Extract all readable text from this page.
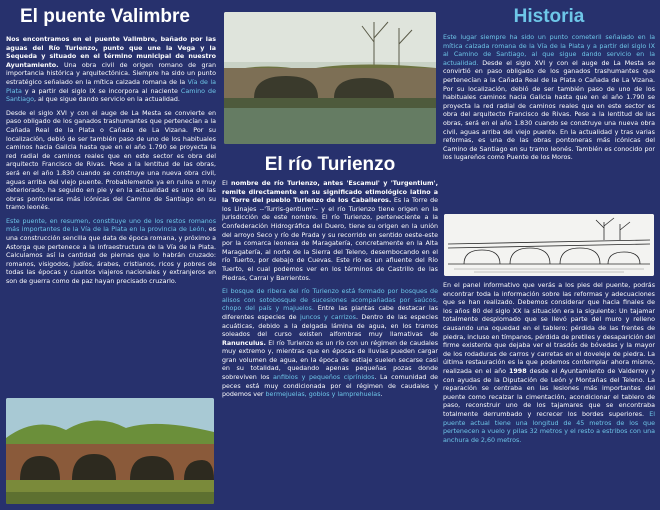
El puente Valimbre

Nos encontramos en el puente Valimbre, bañado por las aguas del Río Turienzo, punto que une la Vega y la Sequeda y situado en el término municipal de nuestro Ayuntamiento. Una obra civil de origen romano de gran importancia histórica y arquitectónica. Siempre ha sido un punto estratégico señalado en la mítica calzada romana de la Vía de la Plata y a partir del siglo IX se incorpora al naciente Camino de Santiago, al que sigue dando servicio en la actualidad.

Desde el siglo XVI y con el auge de La Mesta se convierte en paso obligado de los ganados trashumantes que pertenecían a la Cañada Real de la Plata o Cañada de La Vizana. Por su localización, debió de ser también paso de uno de los habituales caminos hacia Galicia hasta que en el año 1.790 se proyecta la red radial de caminos reales que en este sector es obra del arquitecto Francisco de Rivas. Pese a la lentitud de las obras, será en el año 1.830 cuando se construye una nueva obra civil, aguas arriba del viejo puente. Probablemente ya en ruina o muy deteriorado, ha seguido en pie y en la actualidad es una de las obras pontoneras más icónicas del Camino de Santiago en su tramo leonés.

Este puente, en resumen, constituye uno de los restos romanos más importantes de la Vía de la Plata en la provincia de León, es una construcción sencilla que data de época romana, y próximo a Astorga que pertenece a la infraestructura de la Vía de la Plata. Calculamos así la cantidad de piernas que lo habrán cruzado: romanos, visigodos, judíos, árabes, cristianos, ricos y pobres de todas las épocas y cuantos viajeros nacionales y extranjeros en son de guerra como de paz hayan precisado cruzarlo.

El río Turienzo

El nombre de río Turienzo, antes 'Escamul' y 'Turgentium', remite directamente en su significado etimológico latino a la Torre del pueblo Turienzo de los Caballeros. Es la Torre de los Linajes --'Turris-gentium'-- y el río Turienzo tiene origen en la Jurisdicción de este nombre. El río Turienzo, perteneciente a la Confederación Hidrográfica del Duero, tiene su origen en la unión del arroyo Seco y río de Prada y su recorrido en sentido oeste-este por la comarca leonesa de Maragatería, concretamente en la Alta Maragatería, al norte de la Sierra del Teleno, desembocando en el río Tuerto, por debajo de Cuevas. Este río es un afluente del Río Tuerto, el cual podemos ver en los términos de Castrillo de las Piedras, Carral y Barrientos.

El bosque de ribera del río Turienzo está formado por bosques de alisos con sotobosque de sucesiones acompañadas por saúcos, chopo del país y majuelos. Entre las plantas cabe destacar las diferentes especies de juncos y carrizos. Dentro de las especies acuáticas, debido a la delgada lámina de agua, en los tramos soleados del curso existen alfombras muy llamativas de Ranunculus. El río Turienzo es un río con un régimen de caudales muy extremo y, mientras que en épocas de lluvias pueden cargar gran volumen de agua, en la época de estiaje suelen secarse casi en su totalidad, quedando apenas pequeñas pozas donde sobreviven los anfibios y pequeños ciprínidos. La comunidad de peces está muy condicionada por el régimen de caudales y podemos ver bermejuelas, gobios y lamprehuelas.

Historia

Este lugar siempre ha sido un punto cometeril señalado en la mítica calzada romana de la Vía de la Plata y a partir del siglo IX al Camino de Santiago, al que sigue dando servicio en la actualidad. Desde el siglo XVI y con el auge de La Mesta se convirtió en paso obligado de los ganados trashumantes que pertenecían a la Cañada Real de la Plata o Cañada de La Vizana. Por su localización, debió de ser también paso de uno de los habituales caminos hacia Galicia hasta que en el año 1.790 se proyecta la red radial de caminos reales que en este sector es obra del arquitecto Francisco de Rivas. Pese a la lentitud de las obras, será en el año 1.830 cuando se construye una nueva obra civil, aguas arriba del viejo puente. En la actualidad y tras varias reformas, es una de las obras pontoneras más icónicas del Camino de Santiago en su tramo leonés. También es conocido por los lugareños como Puente de los Moros.

En el panel informativo que verás a los pies del puente, podrás encontrar toda la información sobre las reformas y adecuaciones que se han realizado. Debemos considerar que hacia finales de los años 80 del siglo XX la situación era la siguiente: Un tajamar totalmente desplomado que se llevó parte del muro y relleno causando una oquedad en el tablero; pérdida de las frentes de piedra, incluso en tímpanos, pérdida de pretiles y desaparición del firme existente que dejaba ver el trasdós de bóvedas y la mayor de los rodaduras de carros y carretas en el doveleje de piedra. La última restauración es la que podemos contemplar ahora mismo, realizada en el año 1998 desde el Ayuntamiento de Valderrey y con ayudas de la Diputación de León y Montañas del Teleno. La reparación se centraba en las lesiones más importantes del puente como recalzar la cimentación, acondicionar el tablero de paso, reconstruir uno de los tajamares que se encontraba totalmente derrumbado y recrecer los bordes superiores. El puente actual tiene una longitud de 45 metros de los que pertenecen a vuelo y pilas 32 metros y el resto a estribos con una anchura de 2,60 metros.
